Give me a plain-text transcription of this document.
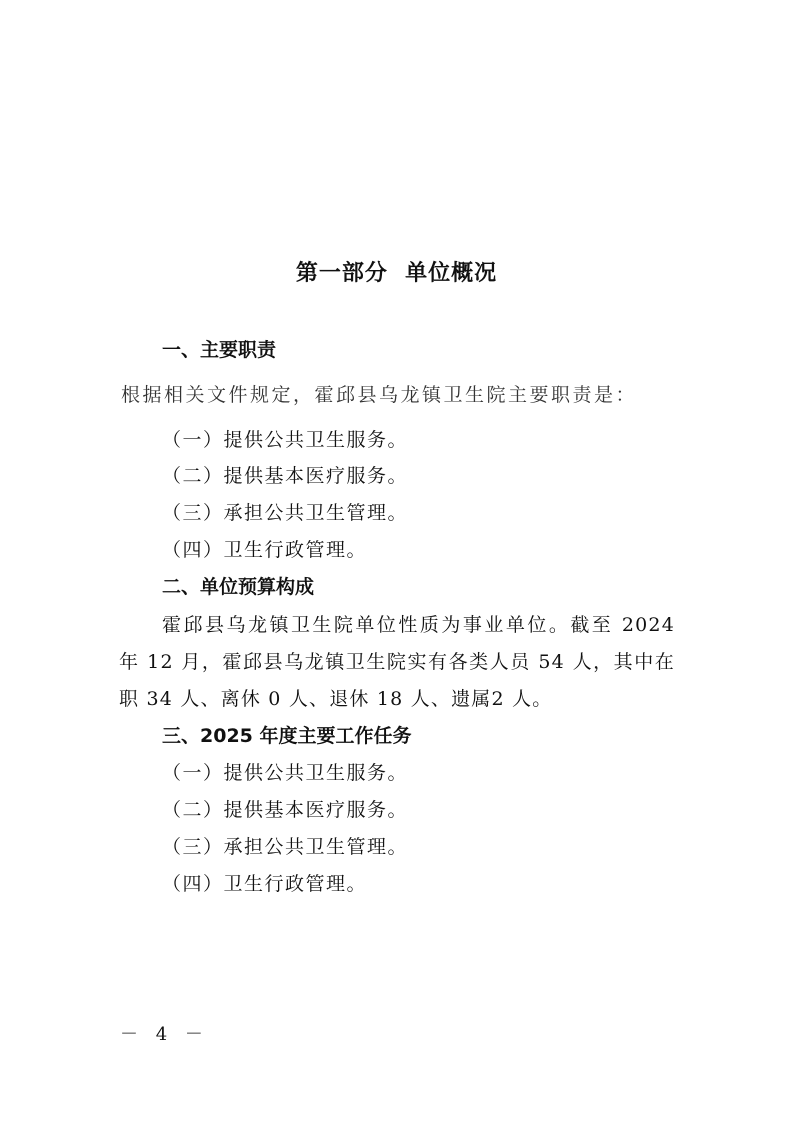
第一部分  单位概况
一、主要职责
根据相关文件规定，霍邱县乌龙镇卫生院主要职责是：
（一）提供公共卫生服务。
（二）提供基本医疗服务。
（三）承担公共卫生管理。
（四）卫生行政管理。
二、单位预算构成
霍邱县乌龙镇卫生院单位性质为事业单位。截至 2024
年 12 月，霍邱县乌龙镇卫生院实有各类人员 54 人，其中在
职 34 人、离休 0 人、退休 18 人、遗属2 人。
三、2025 年度主要工作任务
（一）提供公共卫生服务。
（二）提供基本医疗服务。
（三）承担公共卫生管理。
（四）卫生行政管理。
－ 4 －
